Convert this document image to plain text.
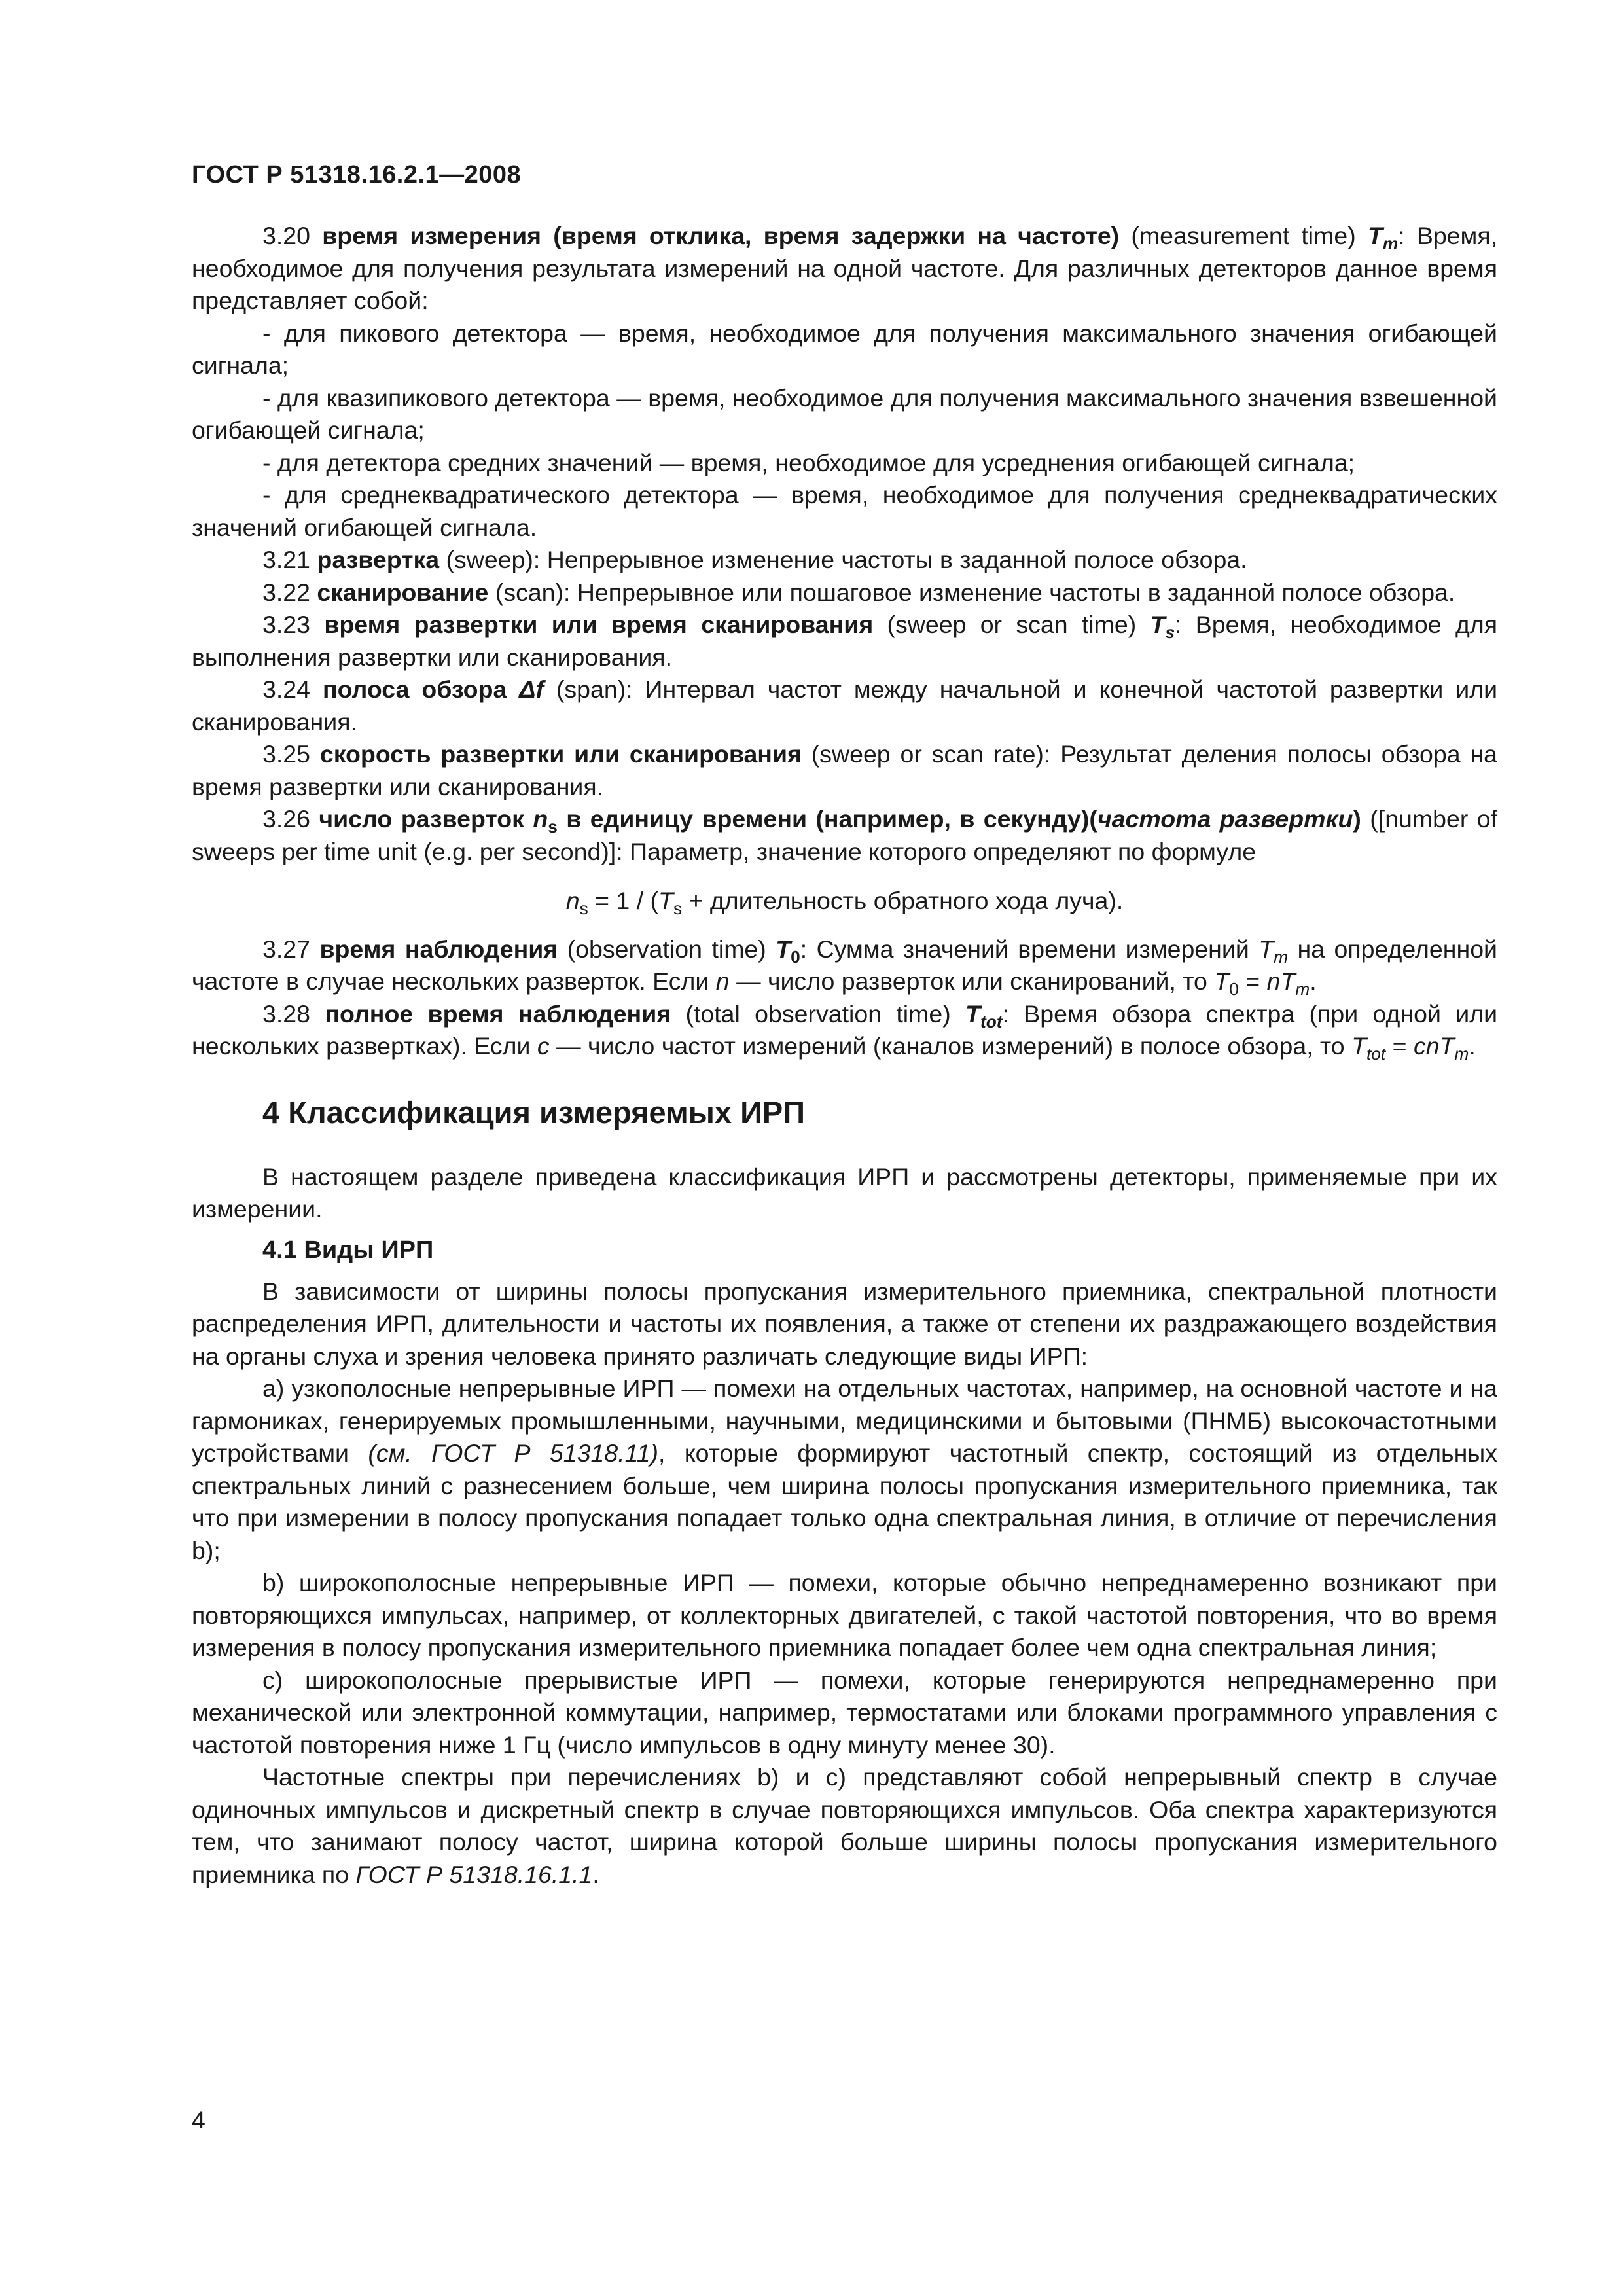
ГОСТ Р 51318.16.2.1—2008

3.20 время измерения (время отклика, время задержки на частоте) (measurement time) $T_m$: Время, необходимое для получения результата измерений на одной частоте. Для различных детекторов данное время представляет собой:

- для пикового детектора — время, необходимое для получения максимального значения огибающей сигнала;

- для квазипикового детектора — время, необходимое для получения максимального значения взвешенной огибающей сигнала;

- для детектора средних значений — время, необходимое для усреднения огибающей сигнала;

- для среднеквадратического детектора — время, необходимое для получения среднеквадратических значений огибающей сигнала.

3.21 развертка (sweep): Непрерывное изменение частоты в заданной полосе обзора.

3.22 сканирование (scan): Непрерывное или пошаговое изменение частоты в заданной полосе обзора.

3.23 время развертки или время сканирования (sweep or scan time) $T_s$: Время, необходимое для выполнения развертки или сканирования.

3.24 полоса обзора Δf (span): Интервал частот между начальной и конечной частотой развертки или сканирования.

3.25 скорость развертки или сканирования (sweep or scan rate): Результат деления полосы обзора на время развертки или сканирования.

3.26 число разверток $n_s$ в единицу времени (например, в секунду)(частота развертки) ([number of sweeps per time unit (e.g. per second)]: Параметр, значение которого определяют по формуле

$n_s = 1 / (T_s$ + длительность обратного хода луча).

3.27 время наблюдения (observation time) $T_0$: Сумма значений времени измерений $T_m$ на определенной частоте в случае нескольких разверток. Если n — число разверток или сканирований, то $T_0 = nT_m$.

3.28 полное время наблюдения (total observation time) $T_{tot}$: Время обзора спектра (при одной или нескольких развертках). Если c — число частот измерений (каналов измерений) в полосе обзора, то $T_{tot} = cnT_m$.

4 Классификация измеряемых ИРП

В настоящем разделе приведена классификация ИРП и рассмотрены детекторы, применяемые при их измерении.

4.1 Виды ИРП

В зависимости от ширины полосы пропускания измерительного приемника, спектральной плотности распределения ИРП, длительности и частоты их появления, а также от степени их раздражающего воздействия на органы слуха и зрения человека принято различать следующие виды ИРП:

а) узкополосные непрерывные ИРП — помехи на отдельных частотах, например, на основной частоте и на гармониках, генерируемых промышленными, научными, медицинскими и бытовыми (ПНМБ) высокочастотными устройствами (см. ГОСТ Р 51318.11), которые формируют частотный спектр, состоящий из отдельных спектральных линий с разнесением больше, чем ширина полосы пропускания измерительного приемника, так что при измерении в полосу пропускания попадает только одна спектральная линия, в отличие от перечисления b);

b) широкополосные непрерывные ИРП — помехи, которые обычно непреднамеренно возникают при повторяющихся импульсах, например, от коллекторных двигателей, с такой частотой повторения, что во время измерения в полосу пропускания измерительного приемника попадает более чем одна спектральная линия;

c) широкополосные прерывистые ИРП — помехи, которые генерируются непреднамеренно при механической или электронной коммутации, например, термостатами или блоками программного управления с частотой повторения ниже 1 Гц (число импульсов в одну минуту менее 30).

Частотные спектры при перечислениях b) и c) представляют собой непрерывный спектр в случае одиночных импульсов и дискретный спектр в случае повторяющихся импульсов. Оба спектра характеризуются тем, что занимают полосу частот, ширина которой больше ширины полосы пропускания измерительного приемника по ГОСТ Р 51318.16.1.1.

4
